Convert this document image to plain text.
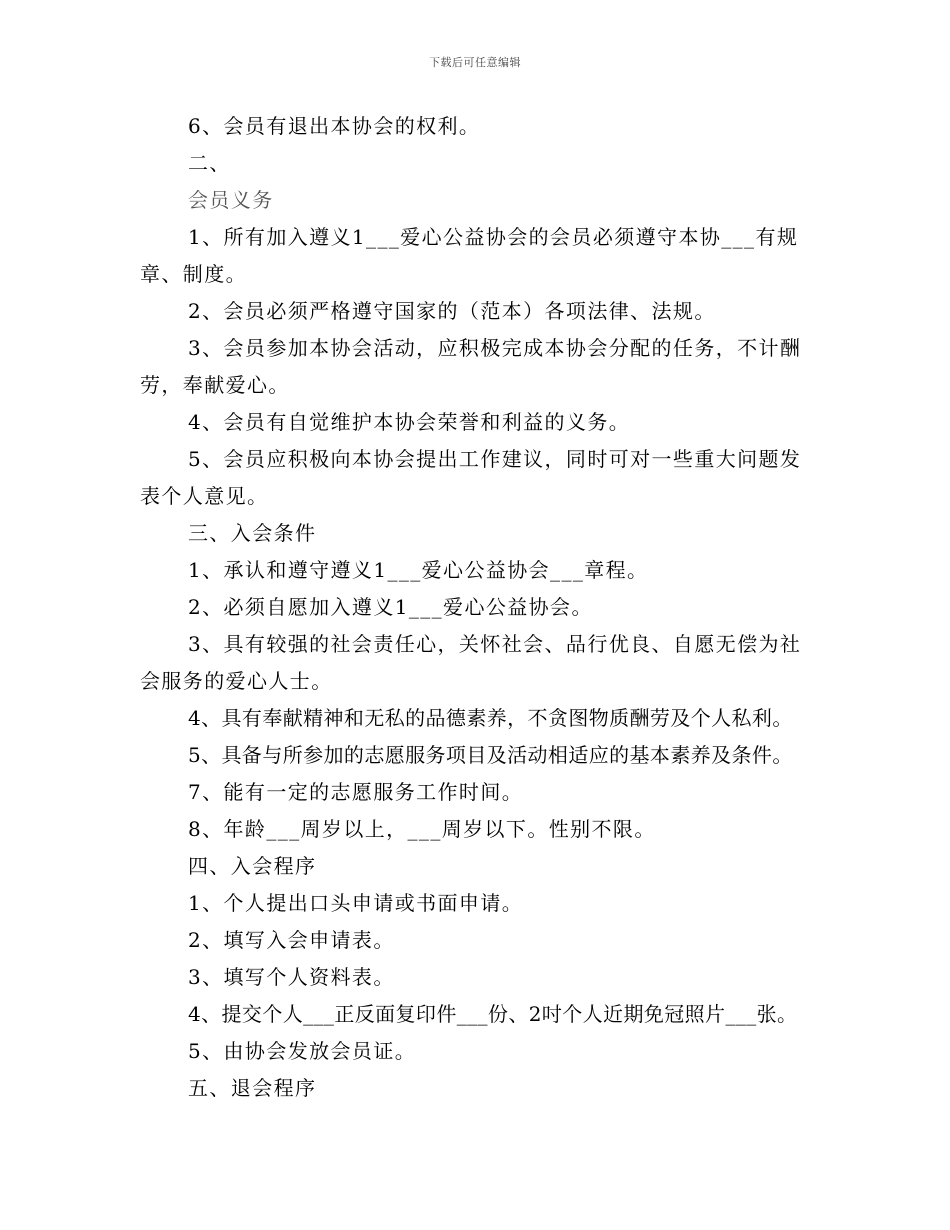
下载后可任意编辑
6、会员有退出本协会的权利。
二、
会员义务
1、所有加入遵义1___爱心公益协会的会员必须遵守本协___有规
章、制度。
2、会员必须严格遵守国家的（范本）各项法律、法规。
3、会员参加本协会活动，应积极完成本协会分配的任务，不计酬
劳，奉献爱心。
4、会员有自觉维护本协会荣誉和利益的义务。
5、会员应积极向本协会提出工作建议，同时可对一些重大问题发
表个人意见。
三、入会条件
1、承认和遵守遵义1___爱心公益协会___章程。
2、必须自愿加入遵义1___爱心公益协会。
3、具有较强的社会责任心，关怀社会、品行优良、自愿无偿为社
会服务的爱心人士。
4、具有奉献精神和无私的品德素养，不贪图物质酬劳及个人私利。
5、具备与所参加的志愿服务项目及活动相适应的基本素养及条件。
7、能有一定的志愿服务工作时间。
8、年龄___周岁以上，___周岁以下。性别不限。
四、入会程序
1、个人提出口头申请或书面申请。
2、填写入会申请表。
3、填写个人资料表。
4、提交个人___正反面复印件___份、2吋个人近期免冠照片___张。
5、由协会发放会员证。
五、退会程序
